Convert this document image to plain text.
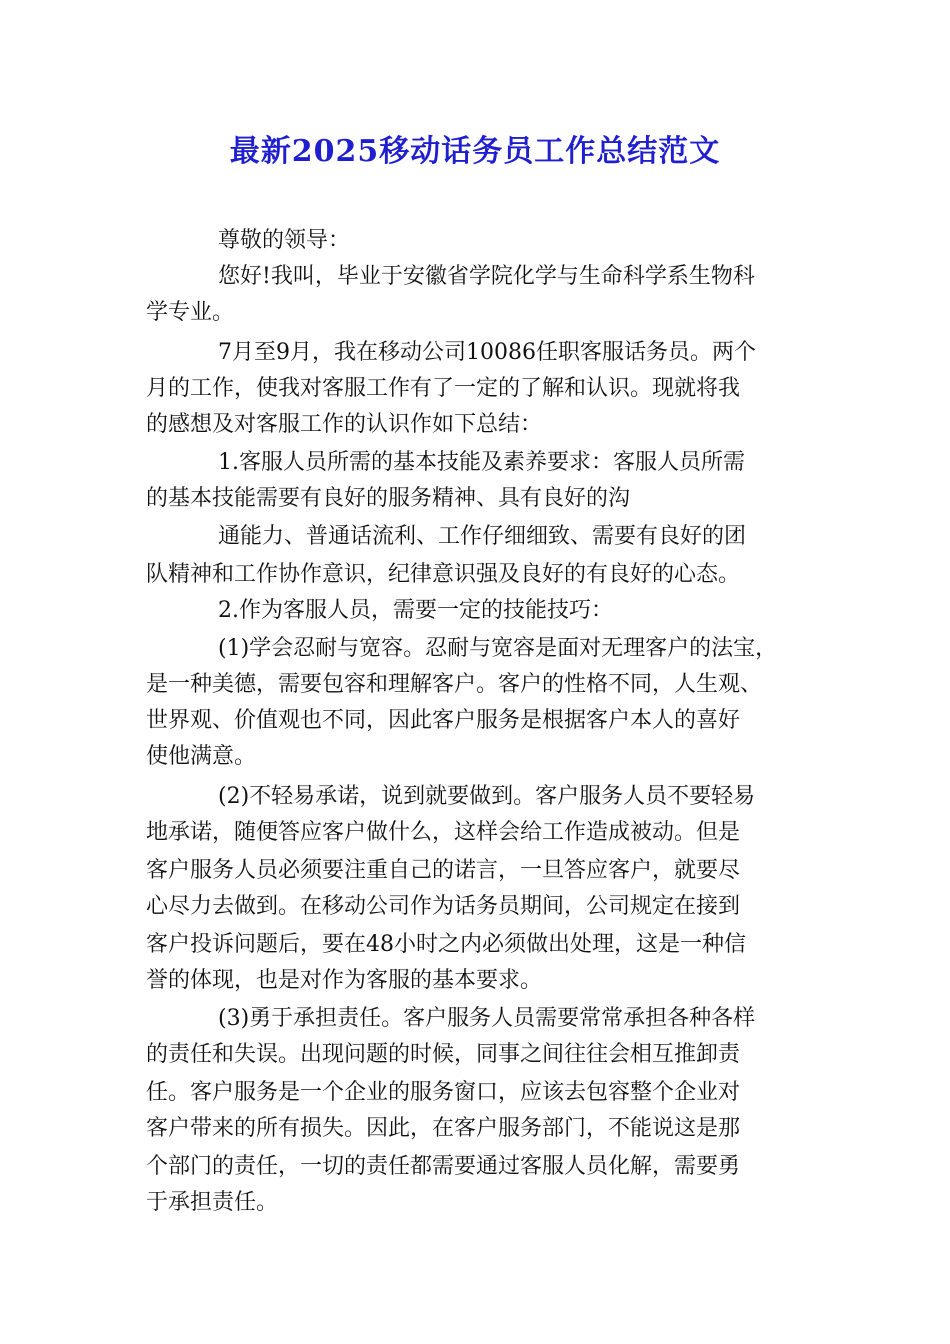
最新2025移动话务员工作总结范文
尊敬的领导：
您好!我叫，毕业于安徽省学院化学与生命科学系生物科
学专业。
7月至9月，我在移动公司10086任职客服话务员。两个
月的工作，使我对客服工作有了一定的了解和认识。现就将我
的感想及对客服工作的认识作如下总结：
1.客服人员所需的基本技能及素养要求：客服人员所需
的基本技能需要有良好的服务精神、具有良好的沟
通能力、普通话流利、工作仔细细致、需要有良好的团
队精神和工作协作意识，纪律意识强及良好的有良好的心态。
2.作为客服人员，需要一定的技能技巧：
(1)学会忍耐与宽容。忍耐与宽容是面对无理客户的法宝，
是一种美德，需要包容和理解客户。客户的性格不同，人生观、
世界观、价值观也不同，因此客户服务是根据客户本人的喜好
使他满意。
(2)不轻易承诺，说到就要做到。客户服务人员不要轻易
地承诺，随便答应客户做什么，这样会给工作造成被动。但是
客户服务人员必须要注重自己的诺言，一旦答应客户，就要尽
心尽力去做到。在移动公司作为话务员期间，公司规定在接到
客户投诉问题后，要在48小时之内必须做出处理，这是一种信
誉的体现，也是对作为客服的基本要求。
(3)勇于承担责任。客户服务人员需要常常承担各种各样
的责任和失误。出现问题的时候，同事之间往往会相互推卸责
任。客户服务是一个企业的服务窗口，应该去包容整个企业对
客户带来的所有损失。因此，在客户服务部门，不能说这是那
个部门的责任，一切的责任都需要通过客服人员化解，需要勇
于承担责任。
